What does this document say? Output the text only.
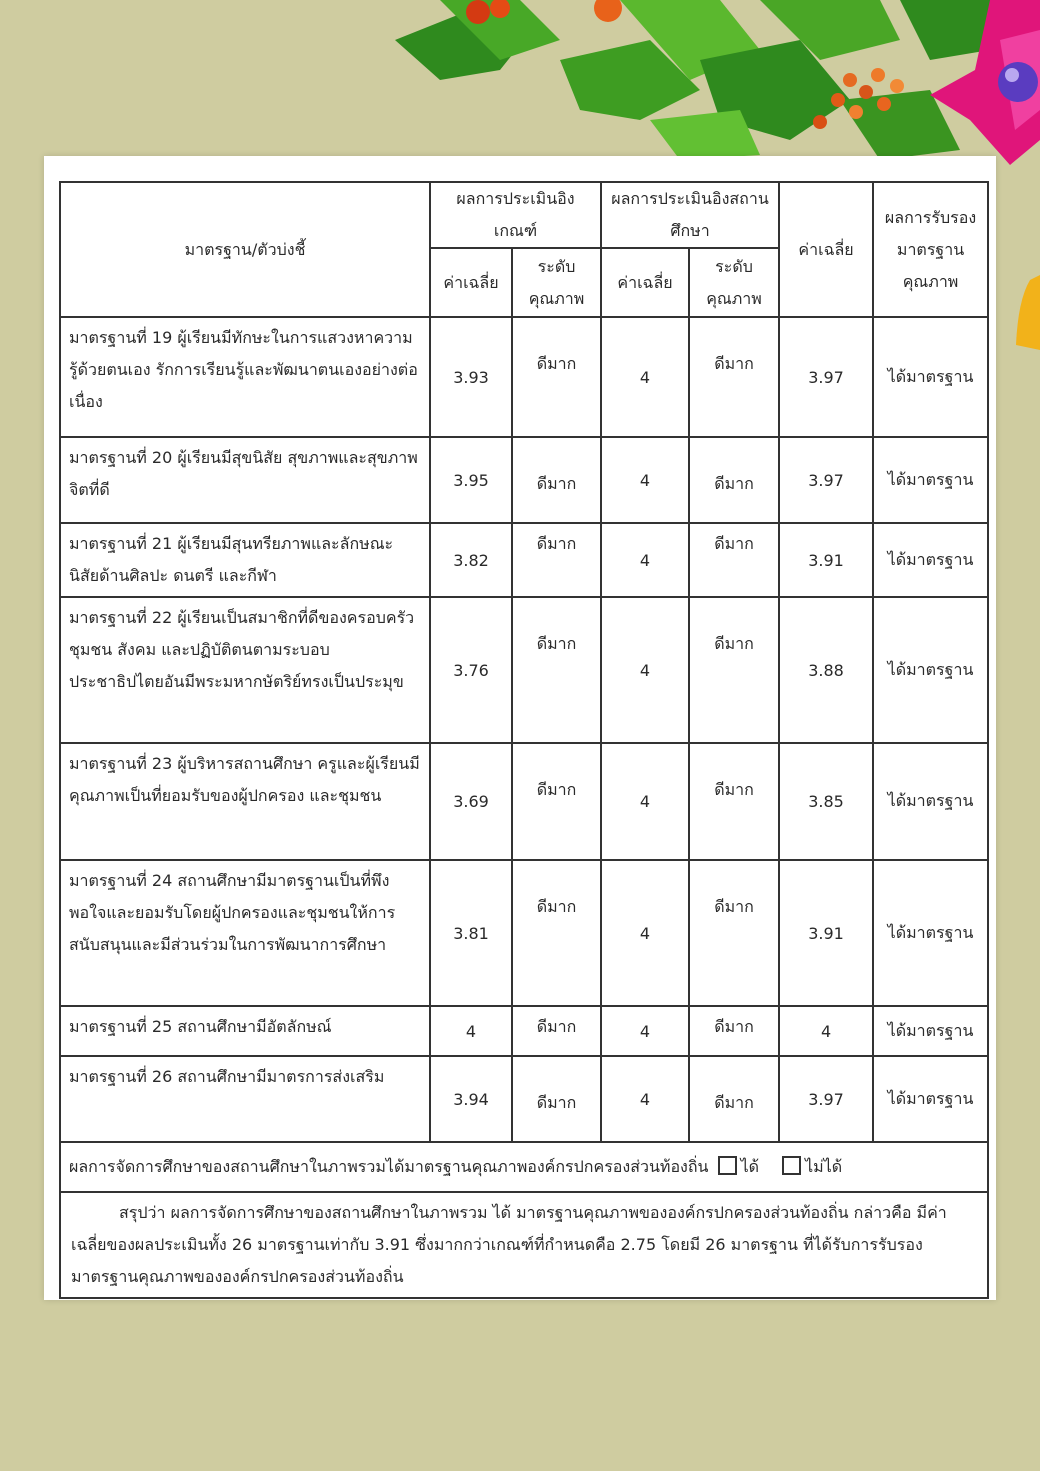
มาตรฐาน/ตัวบ่งชี้	ผลการประเมินอิงเกณฑ์		ผลการประเมินอิงสถานศึกษา		ค่าเฉลี่ย	ผลการรับรองมาตรฐานคุณภาพ
	ค่าเฉลี่ย	ระดับคุณภาพ	ค่าเฉลี่ย	ระดับคุณภาพ		
มาตรฐานที่ 19 ผู้เรียนมีทักษะในการแสวงหาความรู้ด้วยตนเอง รักการเรียนรู้และพัฒนาตนเองอย่างต่อเนื่อง	3.93	ดีมาก	4	ดีมาก	3.97	ได้มาตรฐาน
มาตรฐานที่ 20 ผู้เรียนมีสุขนิสัย สุขภาพและสุขภาพจิตที่ดี	3.95	ดีมาก	4	ดีมาก	3.97	ได้มาตรฐาน
มาตรฐานที่ 21 ผู้เรียนมีสุนทรียภาพและลักษณะนิสัยด้านศิลปะ ดนตรี และกีฬา	3.82	ดีมาก	4	ดีมาก	3.91	ได้มาตรฐาน
มาตรฐานที่ 22 ผู้เรียนเป็นสมาชิกที่ดีของครอบครัว ชุมชน สังคม และปฏิบัติตนตามระบอบประชาธิปไตยอันมีพระมหากษัตริย์ทรงเป็นประมุข	3.76	ดีมาก	4	ดีมาก	3.88	ได้มาตรฐาน
มาตรฐานที่ 23 ผู้บริหารสถานศึกษา ครูและผู้เรียนมีคุณภาพเป็นที่ยอมรับของผู้ปกครอง และชุมชน	3.69	ดีมาก	4	ดีมาก	3.85	ได้มาตรฐาน
มาตรฐานที่ 24 สถานศึกษามีมาตรฐานเป็นที่พึงพอใจและยอมรับโดยผู้ปกครองและชุมชนให้การสนับสนุนและมีส่วนร่วมในการพัฒนาการศึกษา	3.81	ดีมาก	4	ดีมาก	3.91	ได้มาตรฐาน
มาตรฐานที่ 25 สถานศึกษามีอัตลักษณ์	4	ดีมาก	4	ดีมาก	4	ได้มาตรฐาน
มาตรฐานที่ 26 สถานศึกษามีมาตรการส่งเสริม	3.94	ดีมาก	4	ดีมาก	3.97	ได้มาตรฐาน
ผลการจัดการศึกษาของสถานศึกษาในภาพรวมได้มาตรฐานคุณภาพองค์กรปกครองส่วนท้องถิ่น ได้ ไม่ได้						
สรุปว่า ผลการจัดการศึกษาของสถานศึกษาในภาพรวม ได้ มาตรฐานคุณภาพขององค์กรปกครองส่วนท้องถิ่น กล่าวคือ มีค่าเฉลี่ยของผลประเมินทั้ง 26 มาตรฐานเท่ากับ 3.91 ซึ่งมากกว่าเกณฑ์ที่กำหนดคือ 2.75 โดยมี 26 มาตรฐาน ที่ได้รับการรับรองมาตรฐานคุณภาพขององค์กรปกครองส่วนท้องถิ่น						
